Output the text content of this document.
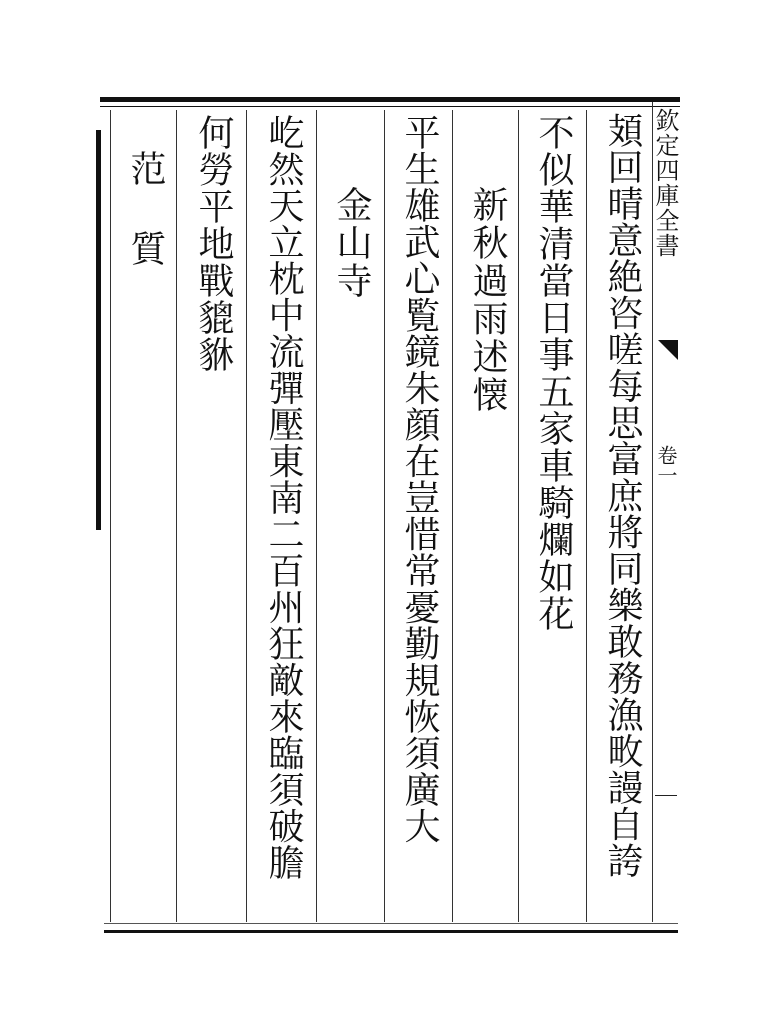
頍回晴意絶咨嗟每思富庶將同樂敢務漁畋謾自誇
不似華清當日事五家車騎爛如花
新秋過雨述懐
平生雄武心覧鏡朱顔在豈惜常憂勤規恢須廣大
金山寺
屹然天立枕中流彈壓東南二百州狂敵來臨須破膽
何勞平地戰貔貅
范　質	欽定四庫全書
卷一
